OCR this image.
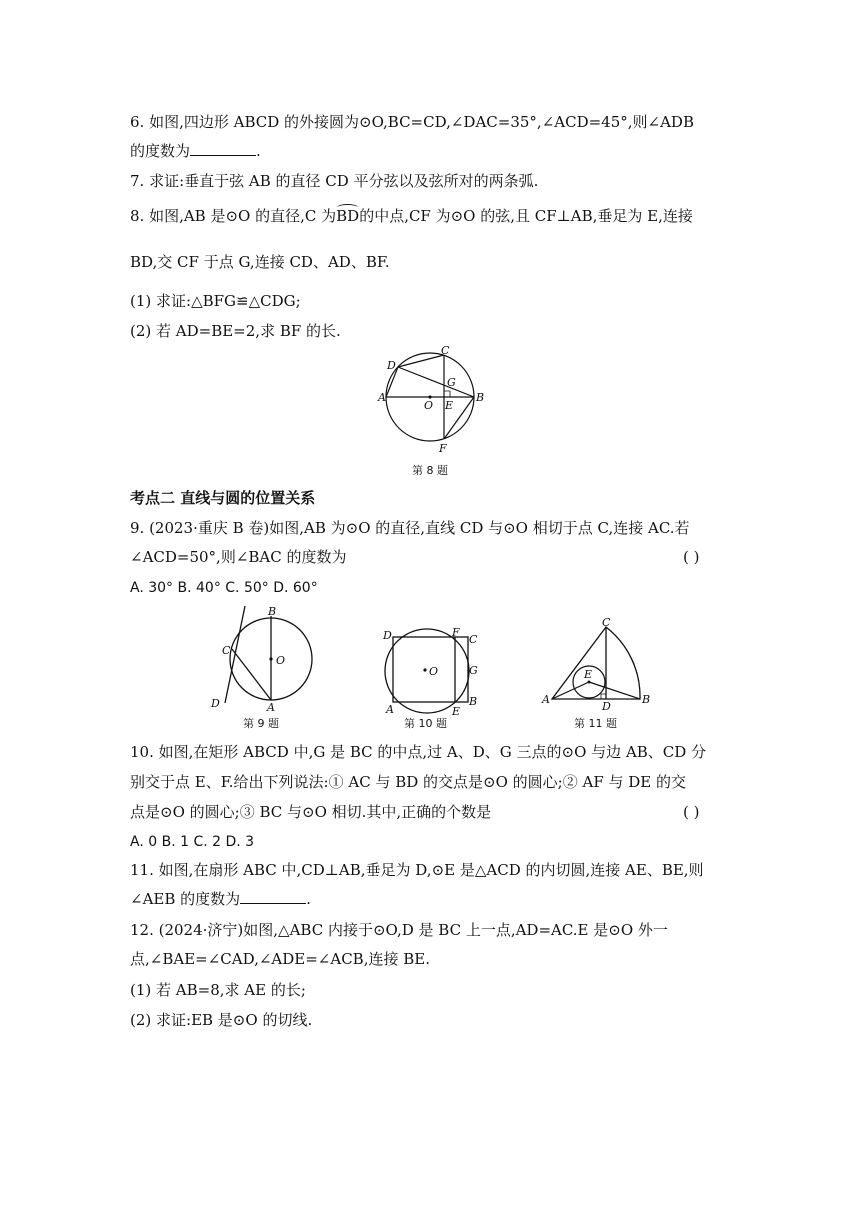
6. 如图,四边形 ABCD 的外接圆为⊙O,BC=CD,∠DAC=35°,∠ACD=45°,则∠ADB
的度数为	.
7. 求证:垂直于弦 AB 的直径 CD 平分弦以及弦所对的两条弧.
8. 如图,AB 是⊙O 的直径,C 为BD的中点,CF 为⊙O 的弦,且 CF⊥AB,垂足为 E,连接
BD,交 CF 于点 G,连接 CD、AD、BF.
(1) 求证:△BFG≌△CDG;
(2) 若 AD=BE=2,求 BF 的长.
D
C
G
A
O E
B
F
第 8 题
考点二 直线与圆的位置关系
9. (2023·重庆 B 卷)如图,AB 为⊙O 的直径,直线 CD 与⊙O 相切于点 C,连接 AC.若
∠ACD=50°,则∠BAC 的度数为	( )
A. 30° B. 40° C. 50° D. 60°
B
C
O
D	A
第 9 题
D	F
C
O	G
A	E
B
第 10 题
C
E
A
D
B
第 11 题
10. 如图,在矩形 ABCD 中,G 是 BC 的中点,过 A、D、G 三点的⊙O 与边 AB、CD 分
别交于点 E、F.给出下列说法:① AC 与 BD 的交点是⊙O 的圆心;② AF 与 DE 的交
点是⊙O 的圆心;③ BC 与⊙O 相切.其中,正确的个数是	( )
A. 0 B. 1 C. 2 D. 3
11. 如图,在扇形 ABC 中,CD⊥AB,垂足为 D,⊙E 是△ACD 的内切圆,连接 AE、BE,则
∠AEB 的度数为	.
12. (2024·济宁)如图,△ABC 内接于⊙O,D 是 BC 上一点,AD=AC.E 是⊙O 外一
点,∠BAE=∠CAD,∠ADE=∠ACB,连接 BE.
(1) 若 AB=8,求 AE 的长;
(2) 求证:EB 是⊙O 的切线.
